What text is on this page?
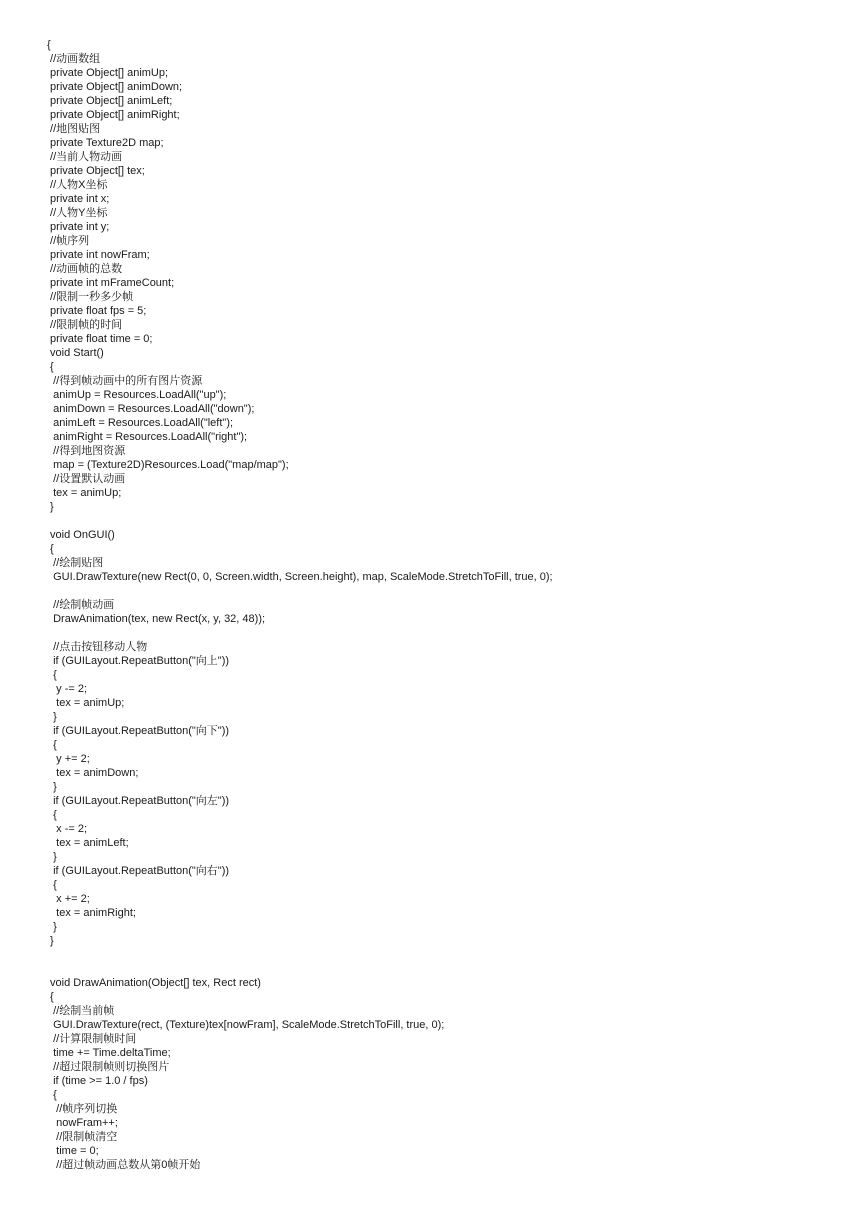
{
//动画数组
private Object[] animUp;
private Object[] animDown;
private Object[] animLeft;
private Object[] animRight;
//地图贴图
private Texture2D map;
//当前人物动画
private Object[] tex;
//人物X坐标
private int x;
//人物Y坐标
private int y;
//帧序列
private int nowFram;
//动画帧的总数
private int mFrameCount;
//限制一秒多少帧
private float fps = 5;
//限制帧的时间
private float time = 0;
void Start()
{
//得到帧动画中的所有图片资源
animUp = Resources.LoadAll("up");
animDown = Resources.LoadAll("down");
animLeft = Resources.LoadAll("left");
animRight = Resources.LoadAll("right");
//得到地图资源
map = (Texture2D)Resources.Load("map/map");
//设置默认动画
tex = animUp;
}
void OnGUI()
{
//绘制贴图
GUI.DrawTexture(new Rect(0, 0, Screen.width, Screen.height), map, ScaleMode.StretchToFill, true, 0);
//绘制帧动画
DrawAnimation(tex, new Rect(x, y, 32, 48));
//点击按钮移动人物
if (GUILayout.RepeatButton("向上"))
{
y -= 2;
tex = animUp;
}
if (GUILayout.RepeatButton("向下"))
{
y += 2;
tex = animDown;
}
if (GUILayout.RepeatButton("向左"))
{
x -= 2;
tex = animLeft;
}
if (GUILayout.RepeatButton("向右"))
{
x += 2;
tex = animRight;
}
}
void DrawAnimation(Object[] tex, Rect rect)
{
//绘制当前帧
GUI.DrawTexture(rect, (Texture)tex[nowFram], ScaleMode.StretchToFill, true, 0);
//计算限制帧时间
time += Time.deltaTime;
//超过限制帧则切换图片
if (time >= 1.0 / fps)
{
//帧序列切换
nowFram++;
//限制帧清空
time = 0;
//超过帧动画总数从第0帧开始
